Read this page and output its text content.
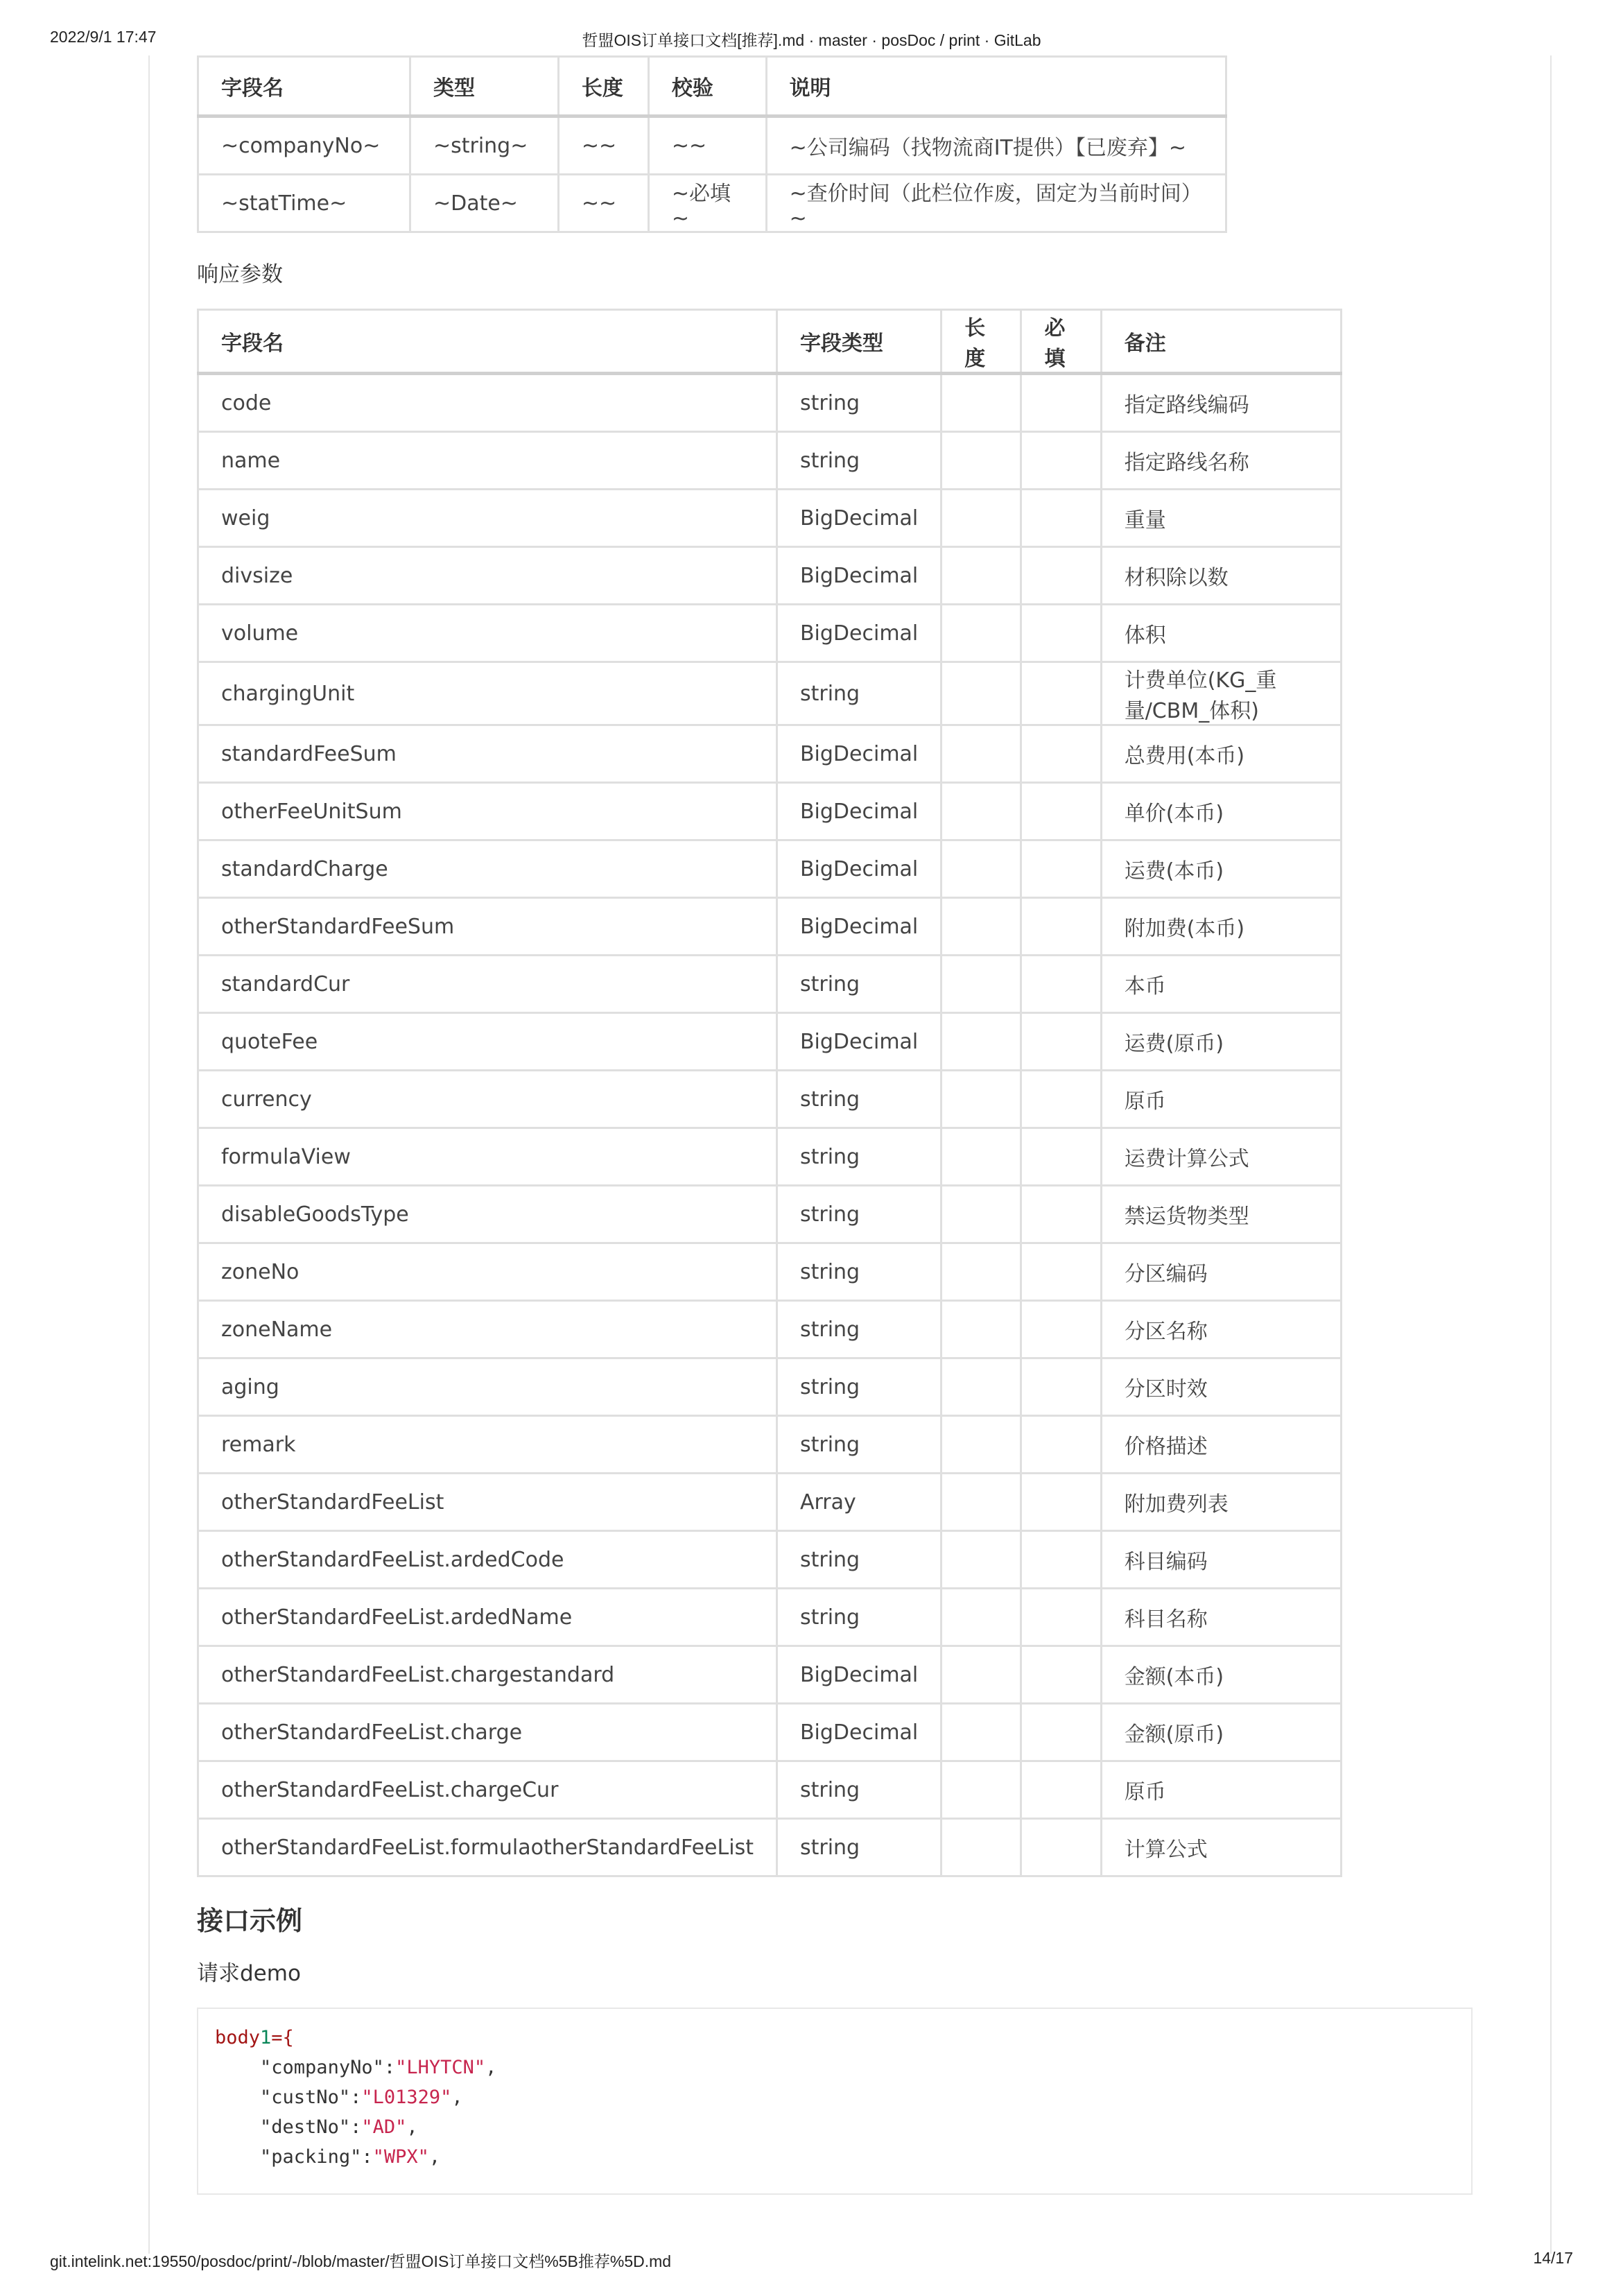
2022/9/1 17:47	哲盟OIS订单接口文档[推荐].md · master · posDoc / print · GitLab
字段名	类型	长度	校验	说明
~companyNo~	~string~	~~	~~	~公司编码（找物流商IT提供）【已废弃】~
~statTime~	~Date~	~~	~必填~	~查价时间（此栏位作废，固定为当前时间）~
响应参数
字段名	字段类型	长度	必填	备注
code	string			指定路线编码
name	string			指定路线名称
weig	BigDecimal			重量
divsize	BigDecimal			材积除以数
volume	BigDecimal			体积
chargingUnit	string			计费单位(KG_重量/CBM_体积)
standardFeeSum	BigDecimal			总费用(本币)
otherFeeUnitSum	BigDecimal			单价(本币)
standardCharge	BigDecimal			运费(本币)
otherStandardFeeSum	BigDecimal			附加费(本币)
standardCur	string			本币
quoteFee	BigDecimal			运费(原币)
currency	string			原币
formulaView	string			运费计算公式
disableGoodsType	string			禁运货物类型
zoneNo	string			分区编码
zoneName	string			分区名称
aging	string			分区时效
remark	string			价格描述
otherStandardFeeList	Array			附加费列表
otherStandardFeeList.ardedCode	string			科目编码
otherStandardFeeList.ardedName	string			科目名称
otherStandardFeeList.chargestandard	BigDecimal			金额(本币)
otherStandardFeeList.charge	BigDecimal			金额(原币)
otherStandardFeeList.chargeCur	string			原币
otherStandardFeeList.formulaotherStandardFeeList	string			计算公式
接口示例
请求demo
body1={
"companyNo":"LHYTCN",
"custNo":"L01329",
"destNo":"AD",
"packing":"WPX",
git.intelink.net:19550/posdoc/print/-/blob/master/哲盟OIS订单接口文档%5B推荐%5D.md	14/17
